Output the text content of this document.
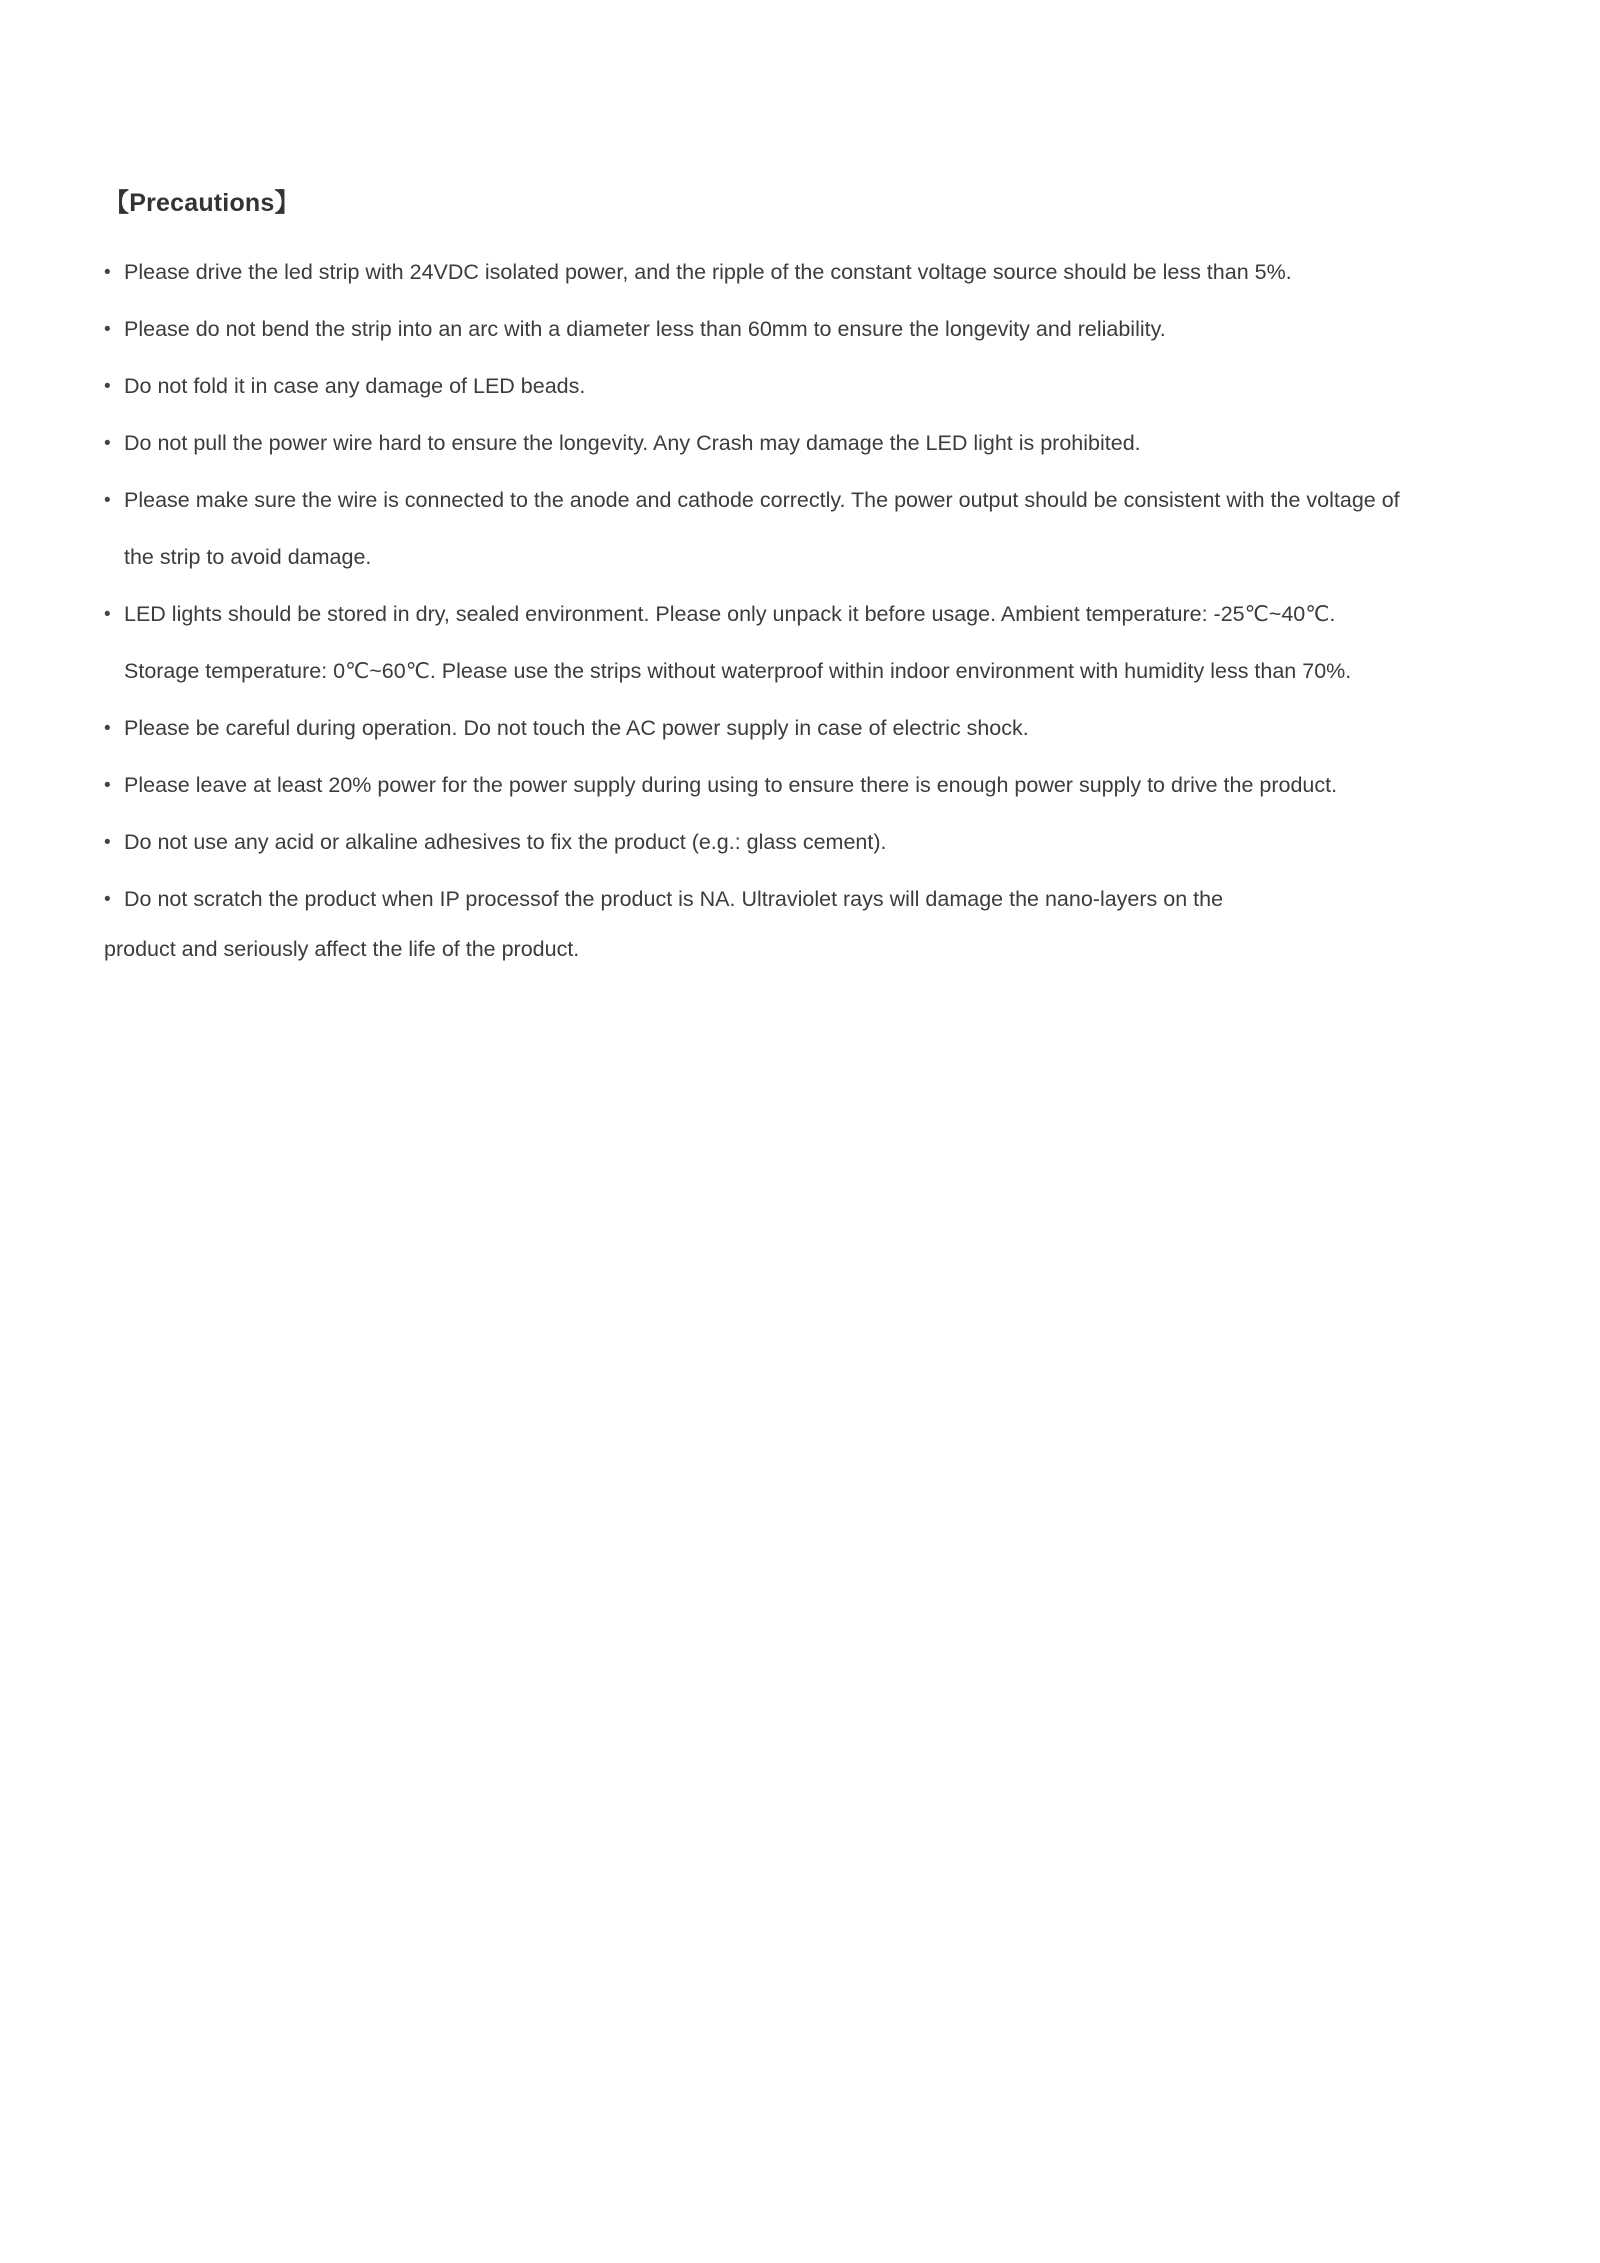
【Precautions】
• Please drive the led strip with 24VDC isolated power, and the ripple of the constant voltage source should be less than 5%.
• Please do not bend the strip into an arc with a diameter less than 60mm to ensure the longevity and reliability.
• Do not fold it in case any damage of LED beads.
• Do not pull the power wire hard to ensure the longevity. Any Crash may damage the LED light is prohibited.
• Please make sure the wire is connected to the anode and cathode correctly. The power output should be consistent with the voltage of the strip to avoid damage.
• LED lights should be stored in dry, sealed environment. Please only unpack it before usage. Ambient temperature: -25℃~40℃. Storage temperature: 0℃~60℃. Please use the strips without waterproof within indoor environment with humidity less than 70%.
• Please be careful during operation. Do not touch the AC power supply in case of electric shock.
• Please leave at least 20% power for the power supply during using to ensure there is enough power supply to drive the product.
• Do not use any acid or alkaline adhesives to fix the product (e.g.: glass cement).
• Do not scratch the product when IP processof the product is NA. Ultraviolet rays will damage the nano-layers on the
product and seriously affect the life of the product.
